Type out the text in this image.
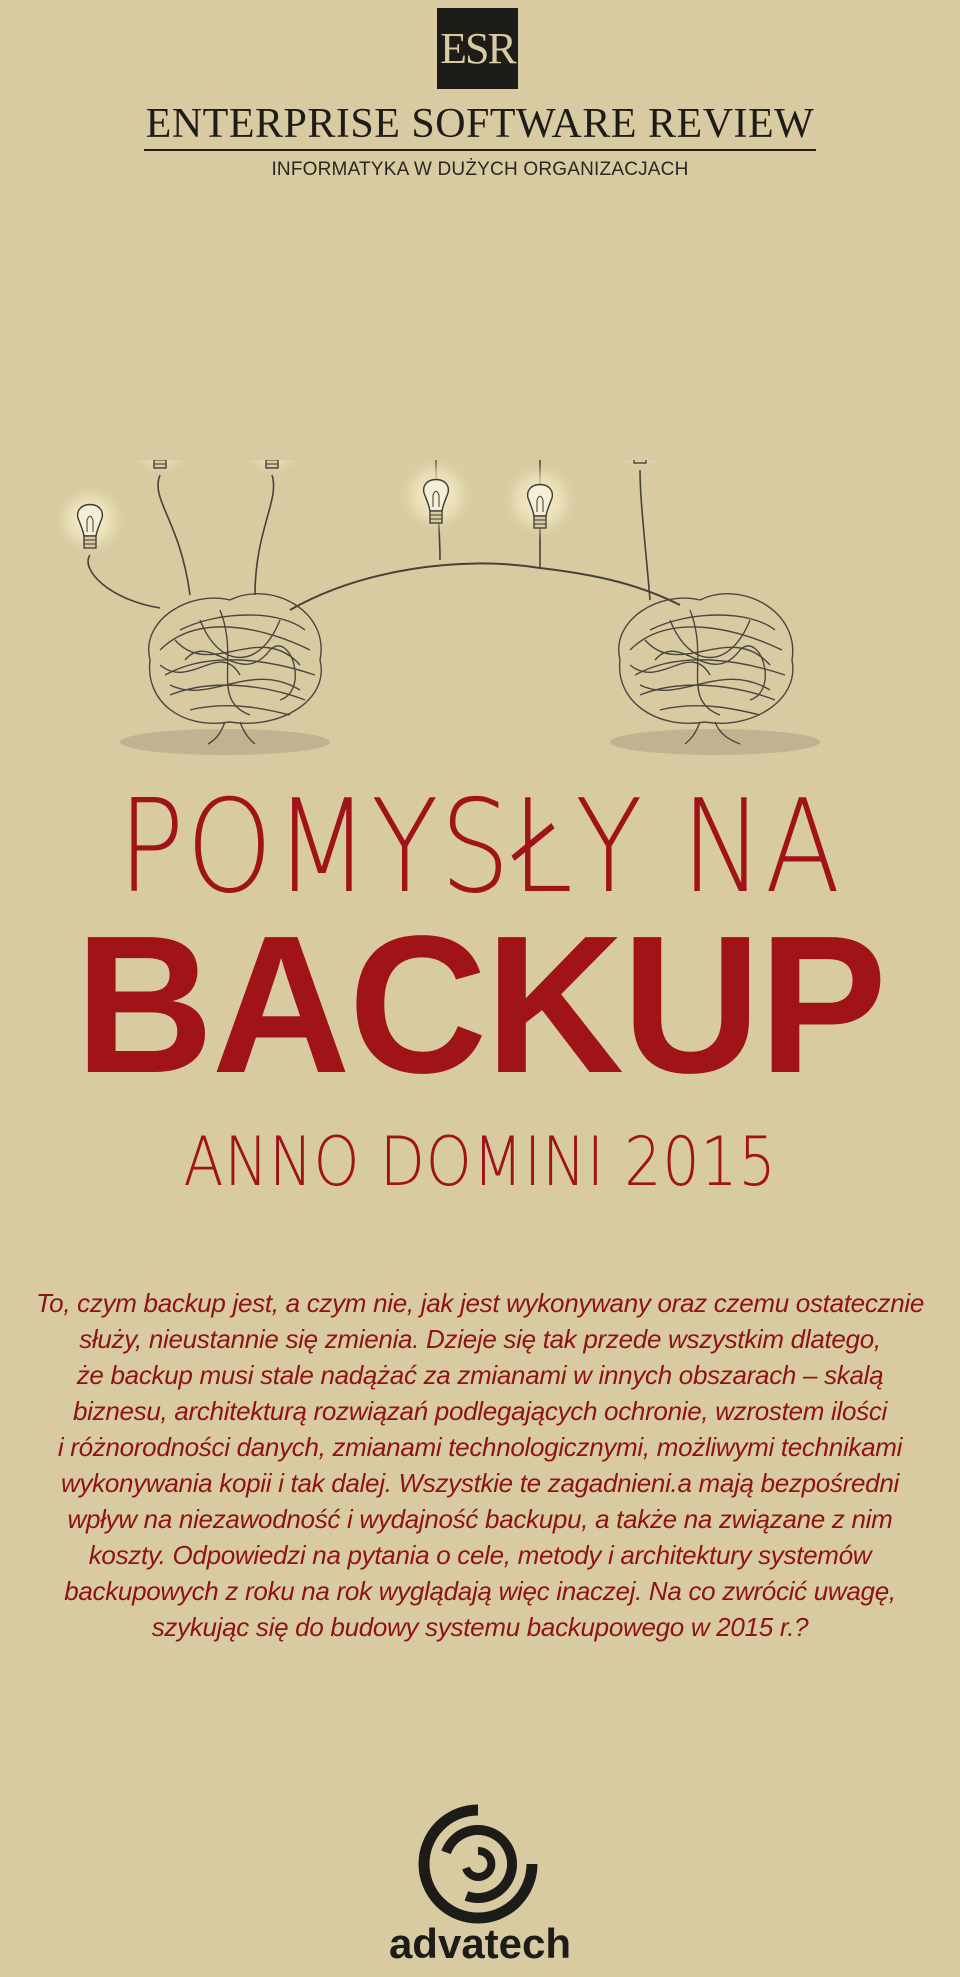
ESR
ENTERPRISE SOFTWARE REVIEW
INFORMATYKA W DUŻYCH ORGANIZACJACH
POMYSŁY NA
BACKUP
ANNO DOMINI 2015
To, czym backup jest, a czym nie, jak jest wykonywany oraz czemu ostatecznie
służy, nieustannie się zmienia. Dzieje się tak przede wszystkim dlatego,
że backup musi stale nadążać za zmianami w innych obszarach – skalą
biznesu, architekturą rozwiązań podlegających ochronie, wzrostem ilości
i różnorodności danych, zmianami technologicznymi, możliwymi technikami
wykonywania kopii i tak dalej. Wszystkie te zagadnieni.a mają bezpośredni
wpływ na niezawodność i wydajność backupu, a także na związane z nim
koszty. Odpowiedzi na pytania o cele, metody i architektury systemów
backupowych z roku na rok wyglądają więc inaczej. Na co zwrócić uwagę,
szykując się do budowy systemu backupowego w 2015 r.?
advatech
